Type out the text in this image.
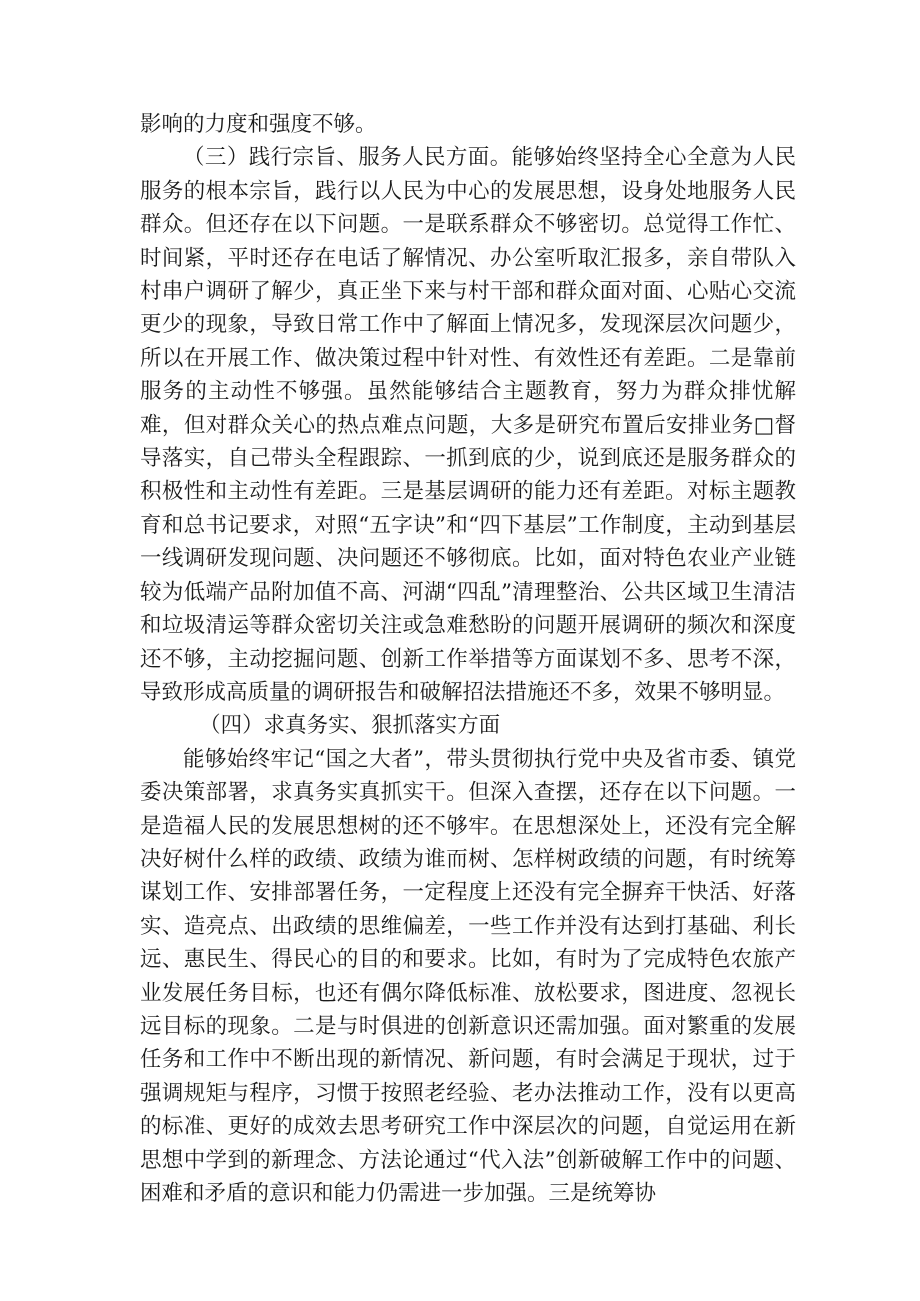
影响的力度和强度不够。

（三）践行宗旨、服务人民方面。能够始终坚持全心全意为人民服务的根本宗旨，践行以人民为中心的发展思想，设身处地服务人民群众。但还存在以下问题。一是联系群众不够密切。总觉得工作忙、时间紧，平时还存在电话了解情况、办公室听取汇报多，亲自带队入村串户调研了解少，真正坐下来与村干部和群众面对面、心贴心交流更少的现象，导致日常工作中了解面上情况多，发现深层次问题少，所以在开展工作、做决策过程中针对性、有效性还有差距。二是靠前服务的主动性不够强。虽然能够结合主题教育，努力为群众排忧解难，但对群众关心的热点难点问题，大多是研究布置后安排业务□督导落实，自己带头全程跟踪、一抓到底的少，说到底还是服务群众的积极性和主动性有差距。三是基层调研的能力还有差距。对标主题教育和总书记要求，对照“五字诀”和“四下基层”工作制度，主动到基层一线调研发现问题、决问题还不够彻底。比如，面对特色农业产业链较为低端产品附加值不高、河湖“四乱”清理整治、公共区域卫生清洁和垃圾清运等群众密切关注或急难愁盼的问题开展调研的频次和深度还不够，主动挖掘问题、创新工作举措等方面谋划不多、思考不深，导致形成高质量的调研报告和破解招法措施还不多，效果不够明显。

（四）求真务实、狠抓落实方面

能够始终牢记“国之大者”，带头贯彻执行党中央及省市委、镇党委决策部署，求真务实真抓实干。但深入查摆，还存在以下问题。一是造福人民的发展思想树的还不够牢。在思想深处上，还没有完全解决好树什么样的政绩、政绩为谁而树、怎样树政绩的问题，有时统筹谋划工作、安排部署任务，一定程度上还没有完全摒弃干快活、好落实、造亮点、出政绩的思维偏差，一些工作并没有达到打基础、利长远、惠民生、得民心的目的和要求。比如，有时为了完成特色农旅产业发展任务目标，也还有偶尔降低标准、放松要求，图进度、忽视长远目标的现象。二是与时俱进的创新意识还需加强。面对繁重的发展任务和工作中不断出现的新情况、新问题，有时会满足于现状，过于强调规矩与程序，习惯于按照老经验、老办法推动工作，没有以更高的标准、更好的成效去思考研究工作中深层次的问题，自觉运用在新思想中学到的新理念、方法论通过“代入法”创新破解工作中的问题、困难和矛盾的意识和能力仍需进一步加强。三是统筹协
